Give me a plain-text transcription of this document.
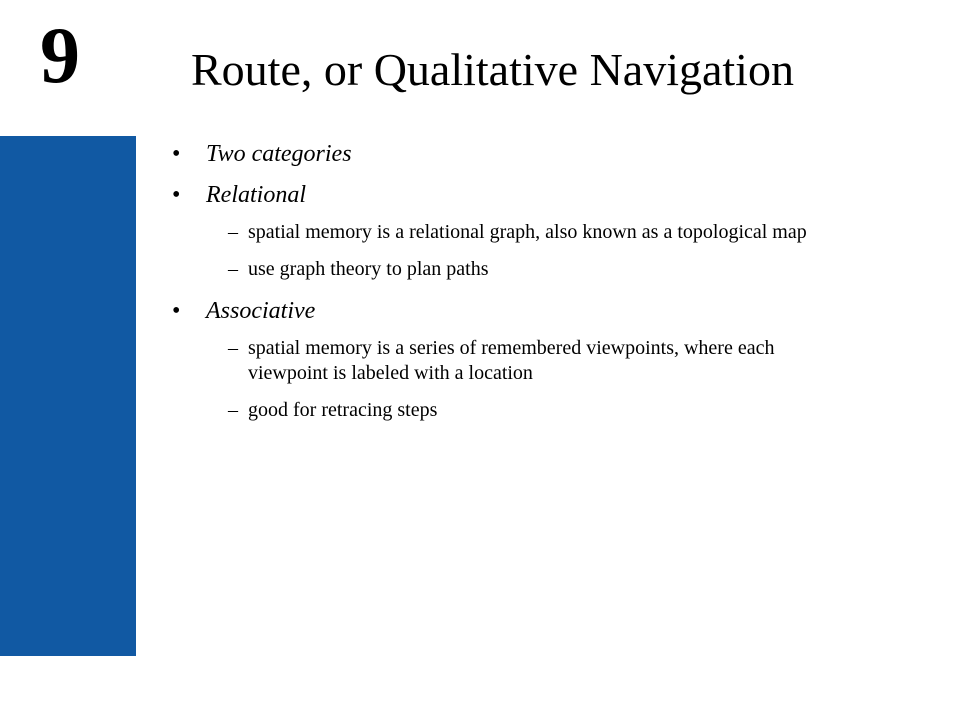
9 Route, or Qualitative Navigation
• Two categories
• Relational
– spatial memory is a relational graph, also known as a topological map
– use graph theory to plan paths
• Associative
– spatial memory is a series of remembered viewpoints, where each viewpoint is labeled with a location
– good for retracing steps
